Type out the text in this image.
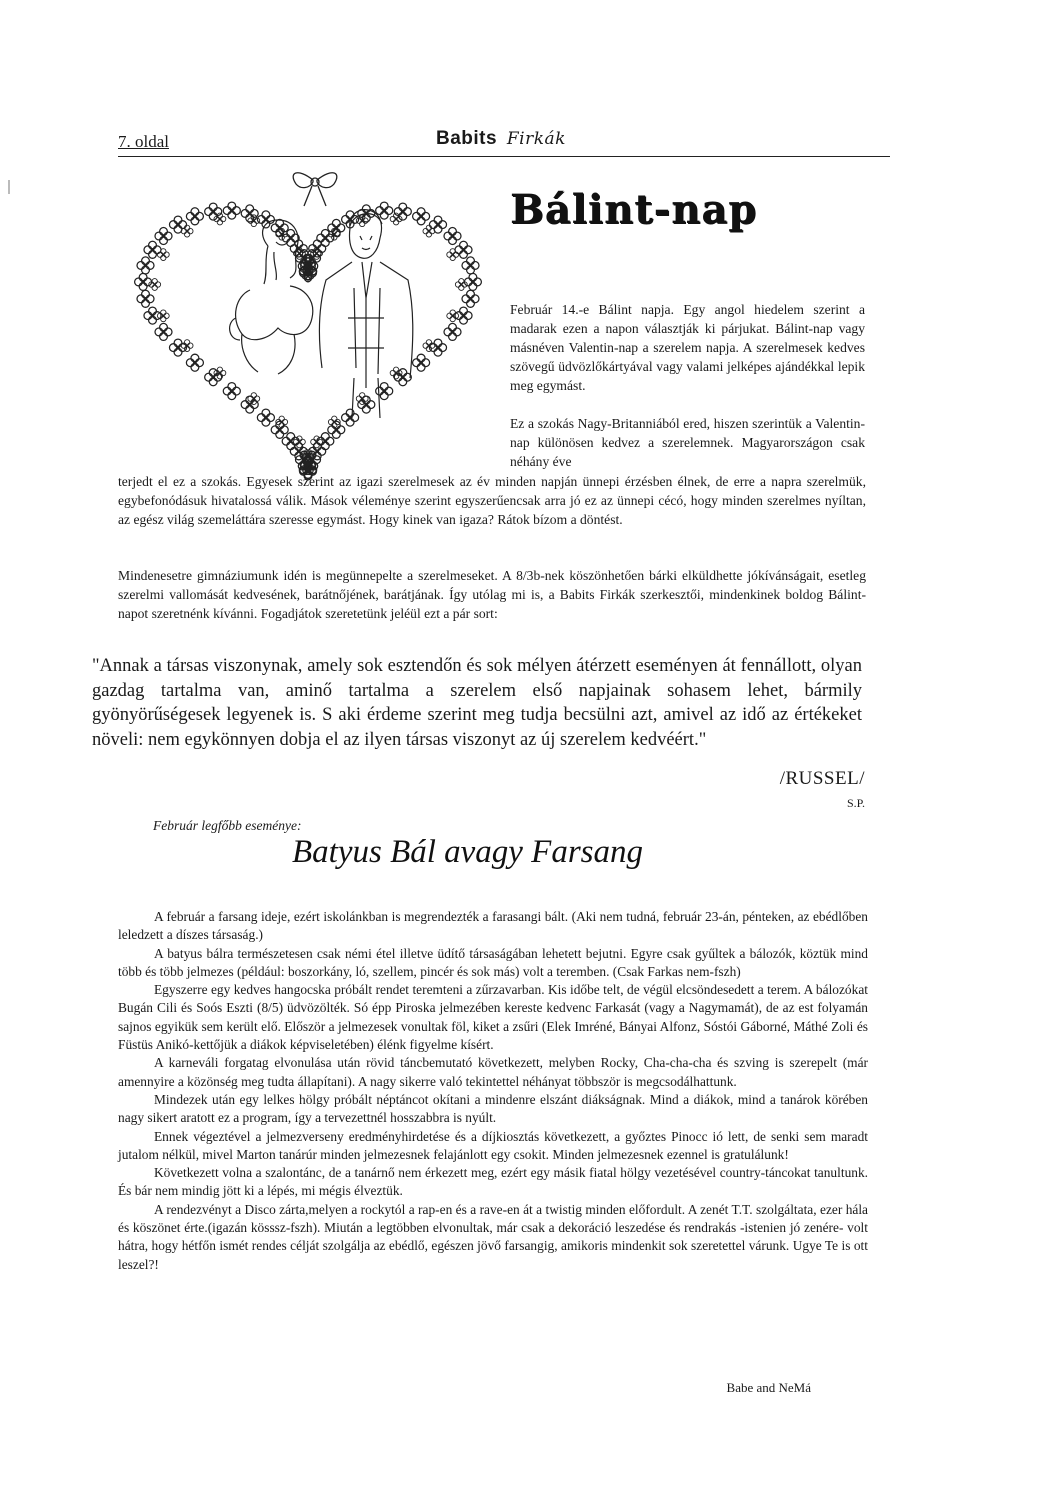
7. oldal	Babits Firkák
Bálint-nap

Február 14.-e Bálint napja. Egy angol hiedelem szerint a madarak ezen a napon választják ki párjukat. Bálint-nap vagy másnéven Valentin-nap a szerelem napja. A szerelmesek kedves szövegű üdvözlőkártyával vagy valami jelképes ajándékkal lepik meg egymást.

Ez a szokás Nagy-Britanniából ered, hiszen szerintük a Valentin-nap különösen kedvez a szerelemnek. Magyarországon csak néhány éve

terjedt el ez a szokás. Egyesek szerint az igazi szerelmesek az év minden napján ünnepi érzésben élnek, de erre a napra szerelmük, egybefonódásuk hivatalossá válik. Mások véleménye szerint egyszerűencsak arra jó ez az ünnepi cécó, hogy minden szerelmes nyíltan, az egész világ szemeláttára szeresse egymást. Hogy kinek van igaza? Rátok bízom a döntést.

Mindenesetre gimnáziumunk idén is megünnepelte a szerelmeseket. A 8/3b-nek köszönhetően bárki elküldhette jókívánságait, esetleg szerelmi vallomását kedvesének, barátnőjének, barátjának. Így utólag mi is, a Babits Firkák szerkesztői, mindenkinek boldog Bálint-napot szeretnénk kívánni. Fogadjátok szeretetünk jeléül ezt a pár sort:

"Annak a társas viszonynak, amely sok esztendőn és sok mélyen átérzett eseményen át fennállott, olyan gazdag tartalma van, aminő tartalma a szerelem első napjainak sohasem lehet, bármily gyönyörűségesek legyenek is. S aki érdeme szerint meg tudja becsülni azt, amivel az idő az értékeket növeli: nem egykönnyen dobja el az ilyen társas viszonyt az új szerelem kedvéért."

/RUSSEL/
S.P.
Február legfőbb eseménye:
Batyus Bál avagy Farsang

A február a farsang ideje, ezért iskolánkban is megrendezték a farasangi bált. (Aki nem tudná, február 23-án, pénteken, az ebédlőben leledzett a díszes társaság.)

A batyus bálra természetesen csak némi étel illetve üdítő társaságában lehetett bejutni. Egyre csak gyűltek a bálozók, köztük mind több és több jelmezes (például: boszorkány, ló, szellem, pincér és sok más) volt a teremben. (Csak Farkas nem-fszh)

Egyszerre egy kedves hangocska próbált rendet teremteni a zűrzavarban. Kis időbe telt, de végül elcsöndesedett a terem. A bálozókat Bugán Cili és Soós Eszti (8/5) üdvözölték. Só épp Piroska jelmezében kereste kedvenc Farkasát (vagy a Nagymamát), de az est folyamán sajnos egyikük sem került elő. Először a jelmezesek vonultak föl, kiket a zsűri (Elek Imréné, Bányai Alfonz, Sóstói Gáborné, Máthé Zoli és Füstüs Anikó-kettőjük a diákok képviseletében) élénk figyelme kísért.

A karneváli forgatag elvonulása után rövid táncbemutató következett, melyben Rocky, Cha-cha-cha és szving is szerepelt (már amennyire a közönség meg tudta állapítani). A nagy sikerre való tekintettel néhányat többször is megcsodálhattunk.

Mindezek után egy lelkes hölgy próbált néptáncot okítani a mindenre elszánt diákságnak. Mind a diákok, mind a tanárok körében nagy sikert aratott ez a program, így a tervezettnél hosszabbra is nyúlt.

Ennek végeztével a jelmezverseny eredményhirdetése és a díjkiosztás következett, a győztes Pinocc ió lett, de senki sem maradt jutalom nélkül, mivel Marton tanárúr minden jelmezesnek felajánlott egy csokit. Minden jelmezesnek ezennel is gratulálunk!

Következett volna a szalontánc, de a tanárnő nem érkezett meg, ezért egy másik fiatal hölgy vezetésével country-táncokat tanultunk. És bár nem mindig jött ki a lépés, mi mégis élveztük.

A rendezvényt a Disco zárta,melyen a rockytól a rap-en és a rave-en át a twistig minden előfordult. A zenét T.T. szolgáltata, ezer hála és köszönet érte.(igazán kösssz-fszh). Miután a legtöbben elvonultak, már csak a dekoráció leszedése és rendrakás -istenien jó zenére- volt hátra, hogy hétfőn ismét rendes célját szolgálja az ebédlő, egészen jövő farsangig, amikoris mindenkit sok szeretettel várunk. Ugye Te is ott leszel?!

Babe and NeMá
